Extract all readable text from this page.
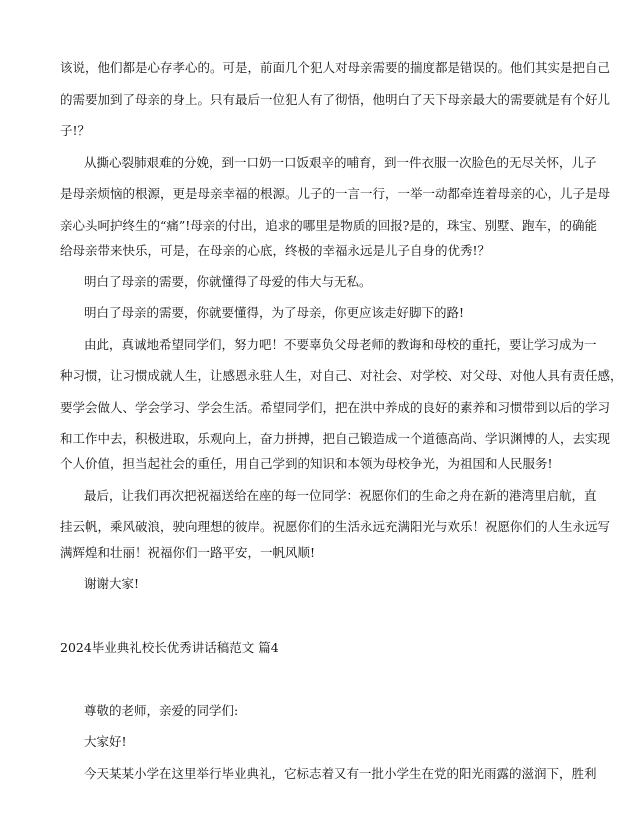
该说，他们都是心存孝心的。可是，前面几个犯人对母亲需要的揣度都是错误的。他们其实是把自己
的需要加到了母亲的身上。只有最后一位犯人有了彻悟，他明白了天下母亲最大的需要就是有个好儿
子!？
从撕心裂肺艰难的分娩，到一口奶一口饭艰辛的哺育，到一件衣服一次脸色的无尽关怀，儿子
是母亲烦恼的根源，更是母亲幸福的根源。儿子的一言一行，一举一动都牵连着母亲的心，儿子是母
亲心头呵护终生的“痛”!母亲的付出，追求的哪里是物质的回报?是的，珠宝、别墅、跑车，的确能
给母亲带来快乐，可是，在母亲的心底，终极的幸福永远是儿子自身的优秀!？
明白了母亲的需要，你就懂得了母爱的伟大与无私。
明白了母亲的需要，你就要懂得，为了母亲，你更应该走好脚下的路!
由此，真诚地希望同学们，努力吧！不要辜负父母老师的教诲和母校的重托，要让学习成为一
种习惯，让习惯成就人生，让感恩永驻人生，对自己、对社会、对学校、对父母、对他人具有责任感，
要学会做人、学会学习、学会生活。希望同学们，把在洪中养成的良好的素养和习惯带到以后的学习
和工作中去，积极进取，乐观向上，奋力拼搏，把自己锻造成一个道德高尚、学识渊博的人，去实现
个人价值，担当起社会的重任，用自己学到的知识和本领为母校争光，为祖国和人民服务!
最后，让我们再次把祝福送给在座的每一位同学：祝愿你们的生命之舟在新的港湾里启航，直
挂云帆，乘风破浪，驶向理想的彼岸。祝愿你们的生活永远充满阳光与欢乐！祝愿你们的人生永远写
满辉煌和壮丽！祝福你们一路平安，一帆风顺!
谢谢大家!
2024毕业典礼校长优秀讲话稿范文 篇4
尊敬的老师，亲爱的同学们:
大家好!
今天某某小学在这里举行毕业典礼，它标志着又有一批小学生在党的阳光雨露的滋润下，胜利
